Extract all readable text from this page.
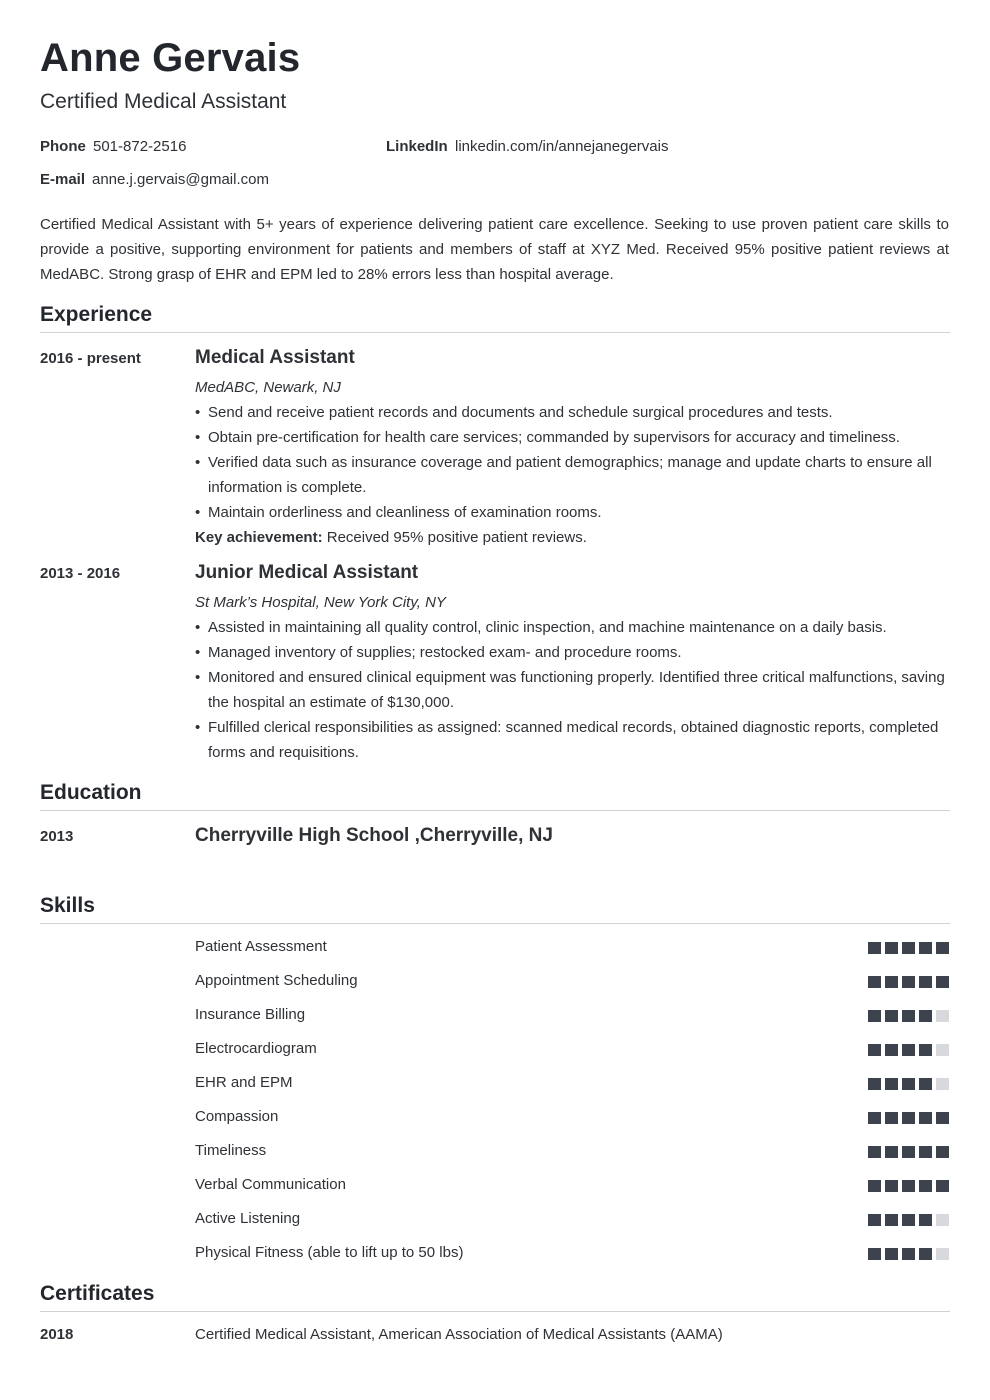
Anne Gervais
Certified Medical Assistant
Phone 501-872-2516	LinkedIn linkedin.com/in/annejanegervais
E-mail anne.j.gervais@gmail.com
Certified Medical Assistant with 5+ years of experience delivering patient care excellence. Seeking to use proven patient care skills to provide a positive, supporting environment for patients and members of staff at XYZ Med. Received 95% positive patient reviews at MedABC. Strong grasp of EHR and EPM led to 28% errors less than hospital average.
Experience
2016 - present	Medical Assistant
MedABC, Newark, NJ
• Send and receive patient records and documents and schedule surgical procedures and tests.
• Obtain pre-certification for health care services; commanded by supervisors for accuracy and timeliness.
• Verified data such as insurance coverage and patient demographics; manage and update charts to ensure all information is complete.
• Maintain orderliness and cleanliness of examination rooms.
Key achievement: Received 95% positive patient reviews.
2013 - 2016	Junior Medical Assistant
St Mark’s Hospital, New York City, NY
• Assisted in maintaining all quality control, clinic inspection, and machine maintenance on a daily basis.
• Managed inventory of supplies; restocked exam- and procedure rooms.
• Monitored and ensured clinical equipment was functioning properly. Identified three critical malfunctions, saving the hospital an estimate of $130,000.
• Fulfilled clerical responsibilities as assigned: scanned medical records, obtained diagnostic reports, completed forms and requisitions.
Education
2013	Cherryville High School ,Cherryville, NJ
Skills
Patient Assessment
Appointment Scheduling
Insurance Billing
Electrocardiogram
EHR and EPM
Compassion
Timeliness
Verbal Communication
Active Listening
Physical Fitness (able to lift up to 50 lbs)
Certificates
2018	Certified Medical Assistant, American Association of Medical Assistants (AAMA)
